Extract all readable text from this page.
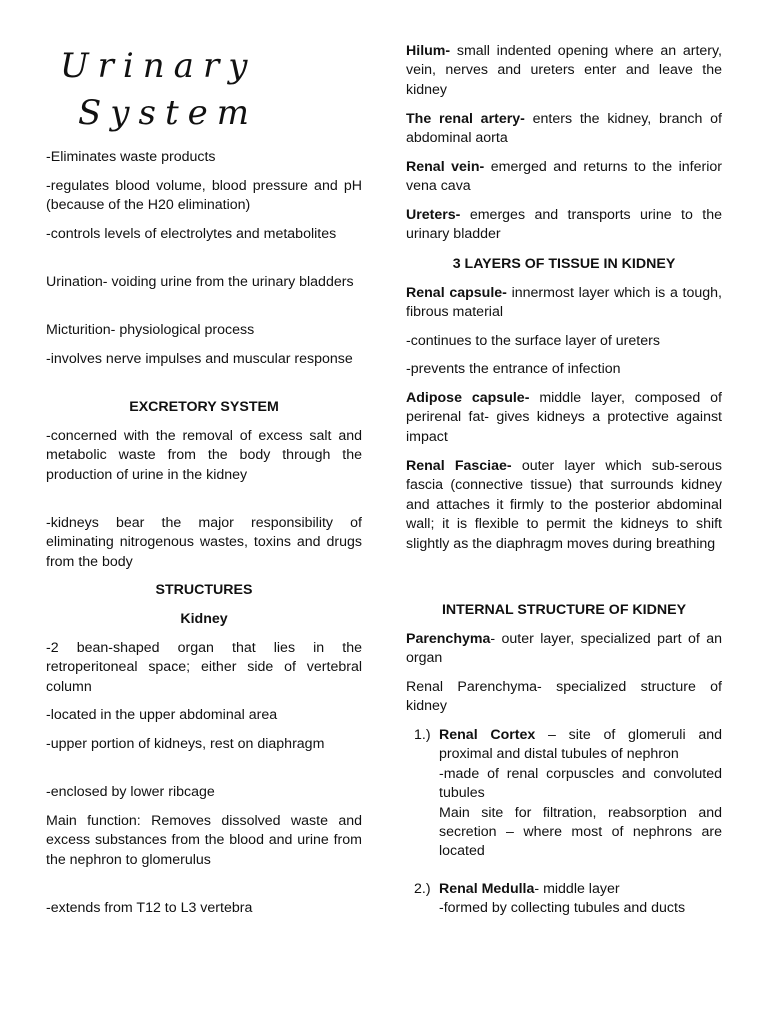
Urinary
System

-Eliminates waste products

-regulates blood volume, blood pressure and pH (because of the H20 elimination)

-controls levels of electrolytes and metabolites

Urination- voiding urine from the urinary bladders

Micturition- physiological process

-involves nerve impulses and muscular response

EXCRETORY SYSTEM

-concerned with the removal of excess salt and metabolic waste from the body through the production of urine in the kidney

-kidneys bear the major responsibility of eliminating nitrogenous wastes, toxins and drugs from the body

STRUCTURES
Kidney

-2 bean-shaped organ that lies in the retroperitoneal space; either side of vertebral column

-located in the upper abdominal area

-upper portion of kidneys, rest on diaphragm

-enclosed by lower ribcage

Main function: Removes dissolved waste and excess substances from the blood and urine from the nephron to glomerulus

-extends from T12 to L3 vertebra

Hilum- small indented opening where an artery, vein, nerves and ureters enter and leave the kidney

The renal artery- enters the kidney, branch of abdominal aorta

Renal vein- emerged and returns to the inferior vena cava

Ureters- emerges and transports urine to the urinary bladder

3 LAYERS OF TISSUE IN KIDNEY

Renal capsule- innermost layer which is a tough, fibrous material

-continues to the surface layer of ureters

-prevents the entrance of infection

Adipose capsule- middle layer, composed of perirenal fat- gives kidneys a protective against impact

Renal Fasciae- outer layer which sub-serous fascia (connective tissue) that surrounds kidney and attaches it firmly to the posterior abdominal wall; it is flexible to permit the kidneys to shift slightly as the diaphragm moves during breathing

INTERNAL STRUCTURE OF KIDNEY

Parenchyma- outer layer, specialized part of an organ

Renal Parenchyma- specialized structure of kidney

1.) Renal Cortex – site of glomeruli and proximal and distal tubules of nephron

-made of renal corpuscles and convoluted tubules

Main site for filtration, reabsorption and secretion – where most of nephrons are located

2.) Renal Medulla- middle layer

-formed by collecting tubules and ducts
